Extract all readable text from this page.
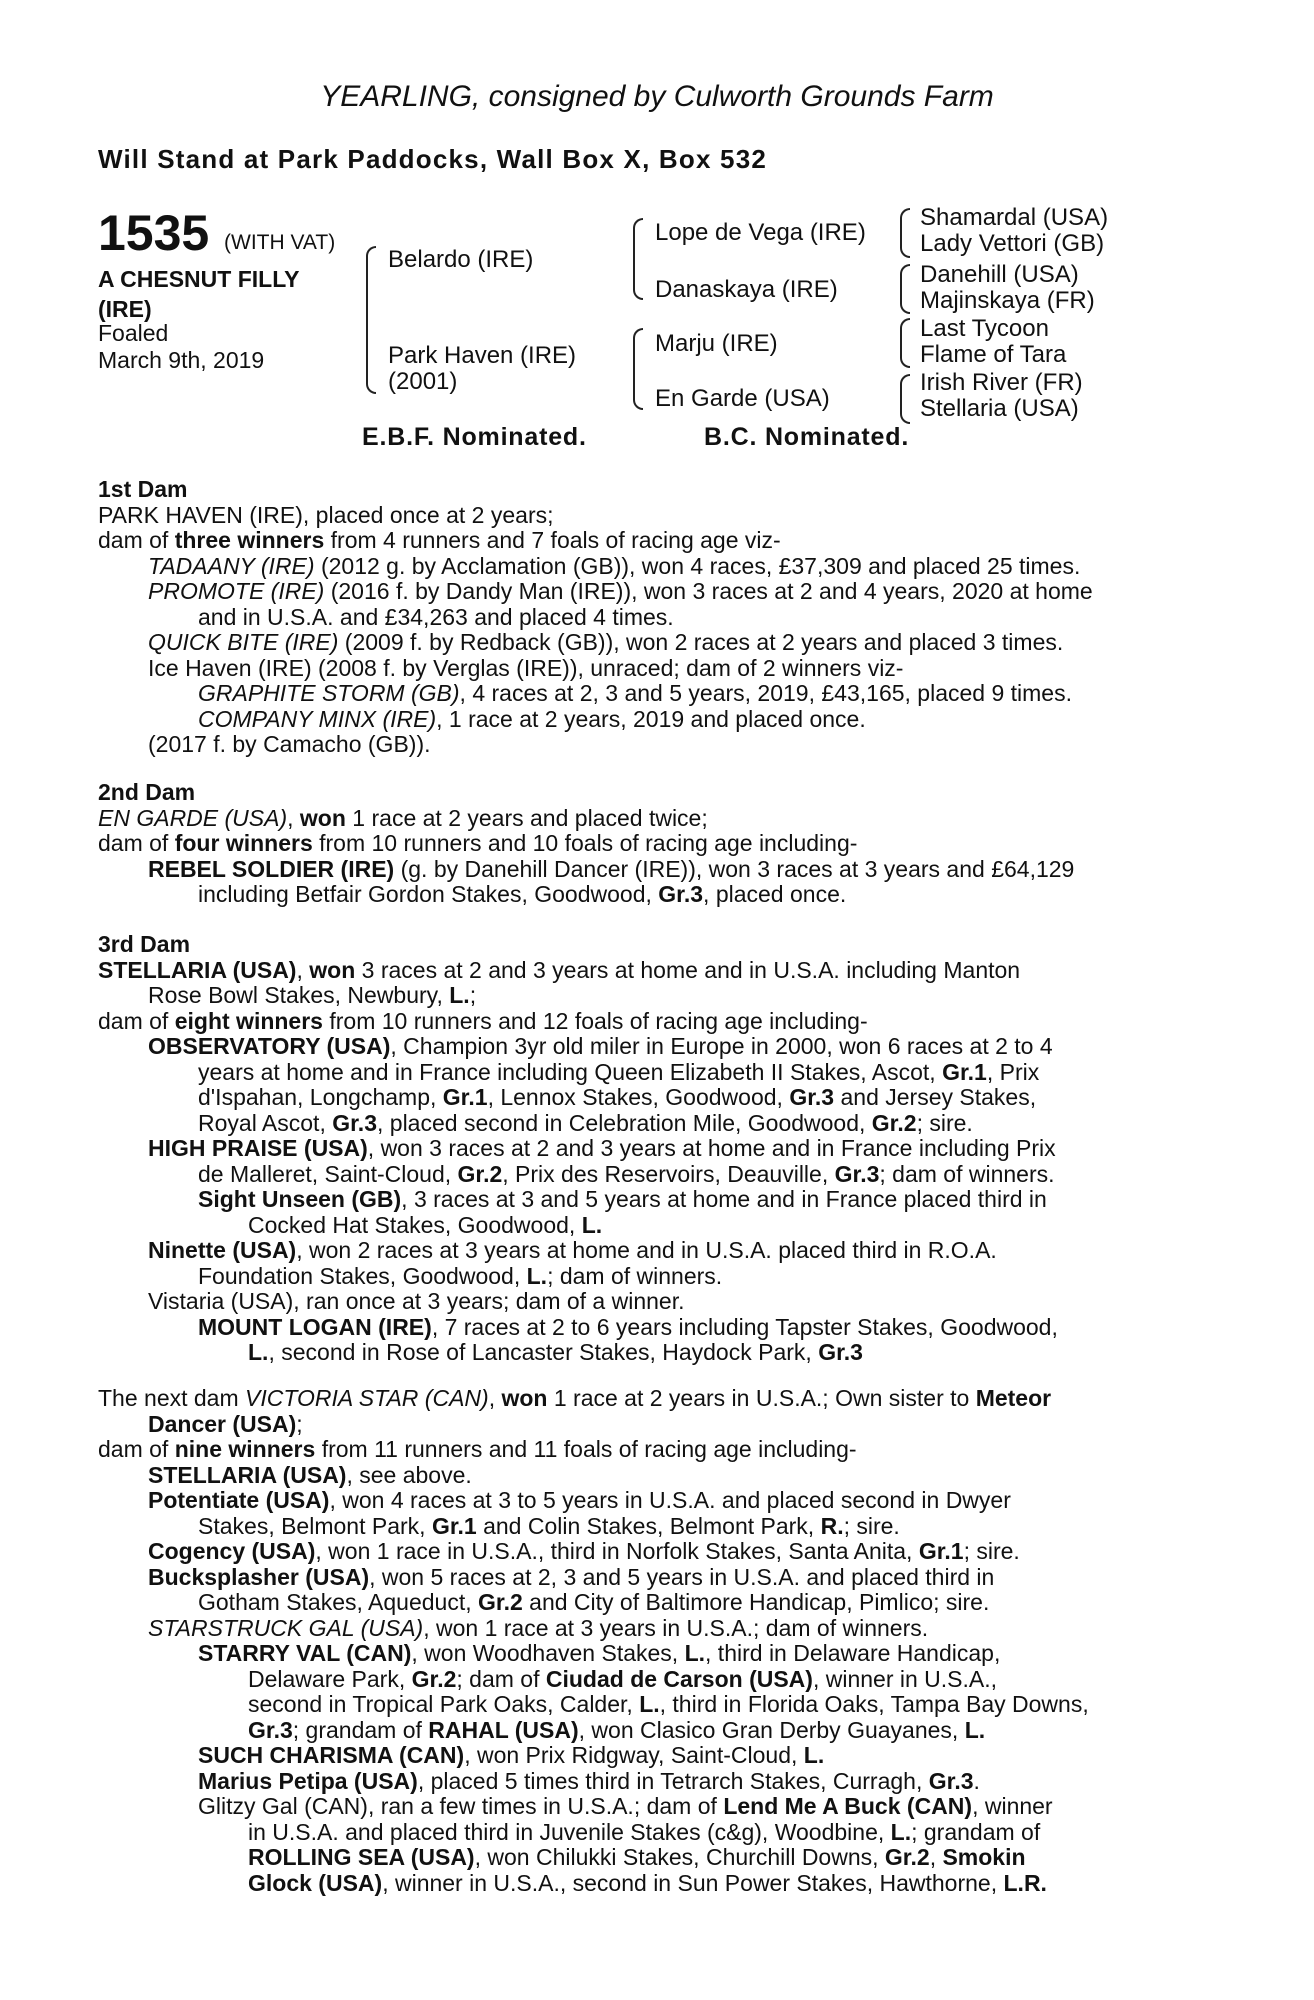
YEARLING, consigned by Culworth Grounds Farm
Will Stand at Park Paddocks, Wall Box X, Box 532
1535 (WITH VAT)
A CHESNUT FILLY
(IRE)
Foaled
March 9th, 2019
Belardo (IRE)
Park Haven (IRE)
(2001)
Lope de Vega (IRE)
Danaskaya (IRE)
Marju (IRE)
En Garde (USA)
Shamardal (USA)
Lady Vettori (GB)
Danehill (USA)
Majinskaya (FR)
Last Tycoon
Flame of Tara
Irish River (FR)
Stellaria (USA)
E.B.F. Nominated.	B.C. Nominated.
1st Dam
PARK HAVEN (IRE), placed once at 2 years;
dam of three winners from 4 runners and 7 foals of racing age viz-
TADAANY (IRE) (2012 g. by Acclamation (GB)), won 4 races, £37,309 and placed 25 times.
PROMOTE (IRE) (2016 f. by Dandy Man (IRE)), won 3 races at 2 and 4 years, 2020 at home
and in U.S.A. and £34,263 and placed 4 times.
QUICK BITE (IRE) (2009 f. by Redback (GB)), won 2 races at 2 years and placed 3 times.
Ice Haven (IRE) (2008 f. by Verglas (IRE)), unraced; dam of 2 winners viz-
GRAPHITE STORM (GB), 4 races at 2, 3 and 5 years, 2019, £43,165, placed 9 times.
COMPANY MINX (IRE), 1 race at 2 years, 2019 and placed once.
(2017 f. by Camacho (GB)).
2nd Dam
EN GARDE (USA), won 1 race at 2 years and placed twice;
dam of four winners from 10 runners and 10 foals of racing age including-
REBEL SOLDIER (IRE) (g. by Danehill Dancer (IRE)), won 3 races at 3 years and £64,129
including Betfair Gordon Stakes, Goodwood, Gr.3, placed once.
3rd Dam
STELLARIA (USA), won 3 races at 2 and 3 years at home and in U.S.A. including Manton
Rose Bowl Stakes, Newbury, L.;
dam of eight winners from 10 runners and 12 foals of racing age including-
OBSERVATORY (USA), Champion 3yr old miler in Europe in 2000, won 6 races at 2 to 4
years at home and in France including Queen Elizabeth II Stakes, Ascot, Gr.1, Prix
d'Ispahan, Longchamp, Gr.1, Lennox Stakes, Goodwood, Gr.3 and Jersey Stakes,
Royal Ascot, Gr.3, placed second in Celebration Mile, Goodwood, Gr.2; sire.
HIGH PRAISE (USA), won 3 races at 2 and 3 years at home and in France including Prix
de Malleret, Saint-Cloud, Gr.2, Prix des Reservoirs, Deauville, Gr.3; dam of winners.
Sight Unseen (GB), 3 races at 3 and 5 years at home and in France placed third in
Cocked Hat Stakes, Goodwood, L.
Ninette (USA), won 2 races at 3 years at home and in U.S.A. placed third in R.O.A.
Foundation Stakes, Goodwood, L.; dam of winners.
Vistaria (USA), ran once at 3 years; dam of a winner.
MOUNT LOGAN (IRE), 7 races at 2 to 6 years including Tapster Stakes, Goodwood,
L., second in Rose of Lancaster Stakes, Haydock Park, Gr.3
The next dam VICTORIA STAR (CAN), won 1 race at 2 years in U.S.A.; Own sister to Meteor
Dancer (USA);
dam of nine winners from 11 runners and 11 foals of racing age including-
STELLARIA (USA), see above.
Potentiate (USA), won 4 races at 3 to 5 years in U.S.A. and placed second in Dwyer
Stakes, Belmont Park, Gr.1 and Colin Stakes, Belmont Park, R.; sire.
Cogency (USA), won 1 race in U.S.A., third in Norfolk Stakes, Santa Anita, Gr.1; sire.
Bucksplasher (USA), won 5 races at 2, 3 and 5 years in U.S.A. and placed third in
Gotham Stakes, Aqueduct, Gr.2 and City of Baltimore Handicap, Pimlico; sire.
STARSTRUCK GAL (USA), won 1 race at 3 years in U.S.A.; dam of winners.
STARRY VAL (CAN), won Woodhaven Stakes, L., third in Delaware Handicap,
Delaware Park, Gr.2; dam of Ciudad de Carson (USA), winner in U.S.A.,
second in Tropical Park Oaks, Calder, L., third in Florida Oaks, Tampa Bay Downs,
Gr.3; grandam of RAHAL (USA), won Clasico Gran Derby Guayanes, L.
SUCH CHARISMA (CAN), won Prix Ridgway, Saint-Cloud, L.
Marius Petipa (USA), placed 5 times third in Tetrarch Stakes, Curragh, Gr.3.
Glitzy Gal (CAN), ran a few times in U.S.A.; dam of Lend Me A Buck (CAN), winner
in U.S.A. and placed third in Juvenile Stakes (c&g), Woodbine, L.; grandam of
ROLLING SEA (USA), won Chilukki Stakes, Churchill Downs, Gr.2, Smokin
Glock (USA), winner in U.S.A., second in Sun Power Stakes, Hawthorne, L.R.
